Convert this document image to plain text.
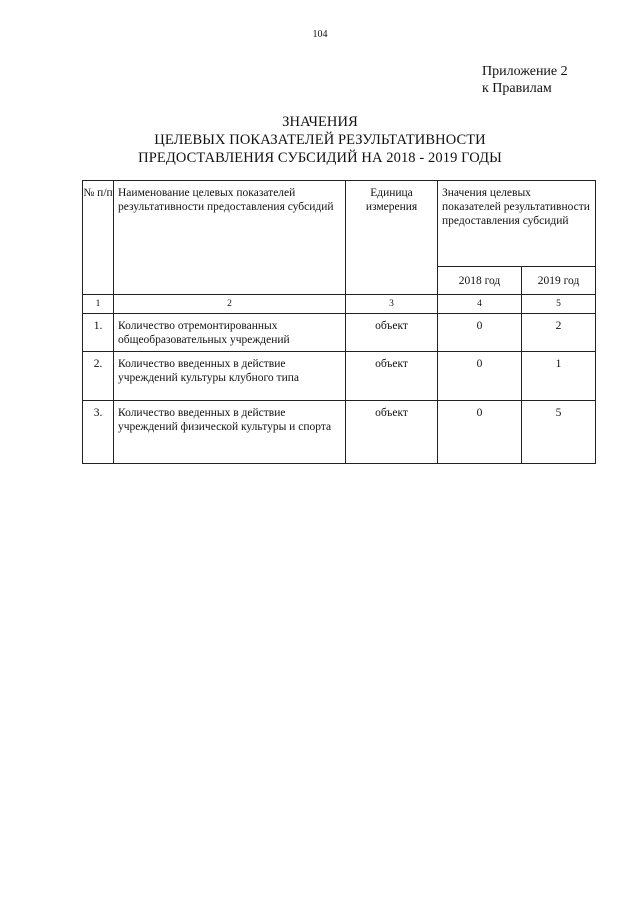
104
Приложение 2
к Правилам
ЗНАЧЕНИЯ
ЦЕЛЕВЫХ ПОКАЗАТЕЛЕЙ РЕЗУЛЬТАТИВНОСТИ
ПРЕДОСТАВЛЕНИЯ СУБСИДИЙ НА 2018 - 2019 ГОДЫ
№ п/п	Наименование целевых показателей результативности предоставления субсидий	Единица измерения	Значения целевых показателей результативности предоставления субсидий	
			2018 год	2019 год
1	2	3	4	5
1.	Количество отремонтированных общеобразовательных учреждений	объект	0	2
2.	Количество введенных в действие учреждений культуры клубного типа	объект	0	1
3.	Количество введенных в действие учреждений физической культуры и спорта	объект	0	5
